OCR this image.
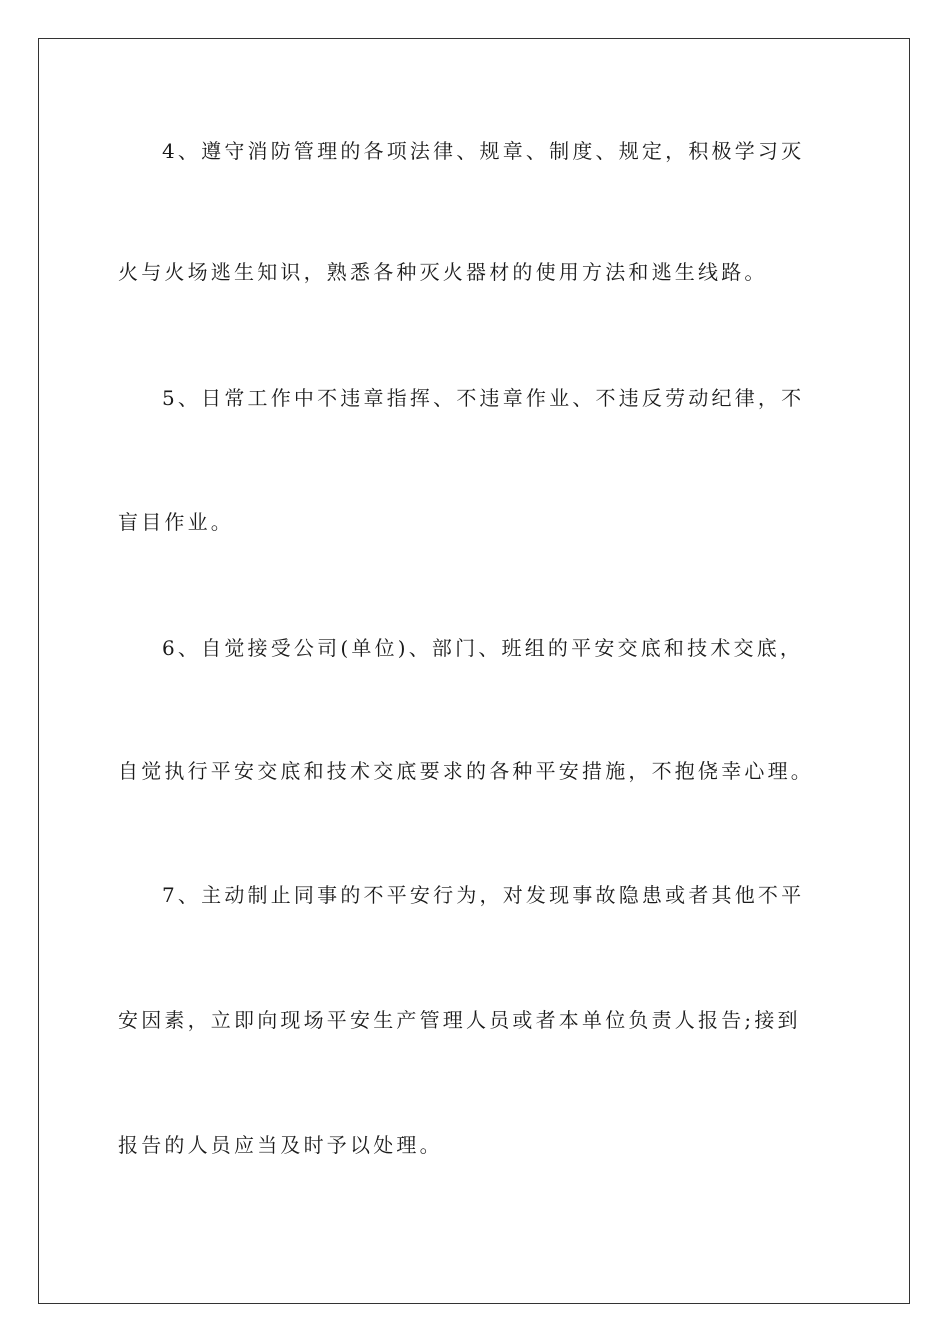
4、遵守消防管理的各项法律、规章、制度、规定，积极学习灭
火与火场逃生知识，熟悉各种灭火器材的使用方法和逃生线路。
5、日常工作中不违章指挥、不违章作业、不违反劳动纪律，不
盲目作业。
6、自觉接受公司(单位)、部门、班组的平安交底和技术交底，
自觉执行平安交底和技术交底要求的各种平安措施，不抱侥幸心理。
7、主动制止同事的不平安行为，对发现事故隐患或者其他不平
安因素，立即向现场平安生产管理人员或者本单位负责人报告;接到
报告的人员应当及时予以处理。
